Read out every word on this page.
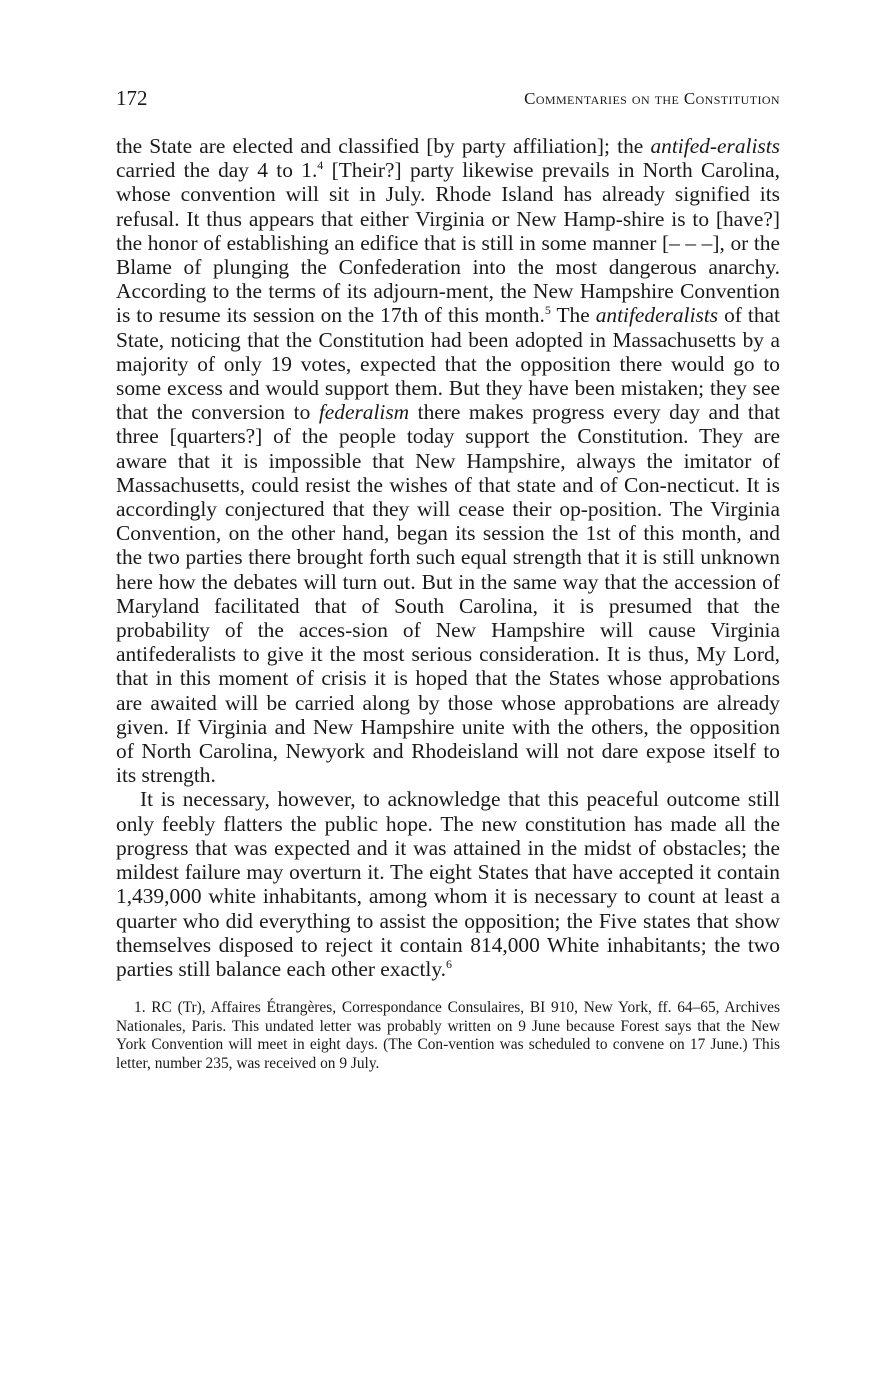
172	Commentaries on the Constitution

the State are elected and classified [by party affiliation]; the antifed-eralists carried the day 4 to 1.$^4$ [Their?] party likewise prevails in North Carolina, whose convention will sit in July. Rhode Island has already signified its refusal. It thus appears that either Virginia or New Hamp-shire is to [have?] the honor of establishing an edifice that is still in some manner [– – –], or the Blame of plunging the Confederation into the most dangerous anarchy. According to the terms of its adjourn-ment, the New Hampshire Convention is to resume its session on the 17th of this month.$^5$ The antifederalists of that State, noticing that the Constitution had been adopted in Massachusetts by a majority of only 19 votes, expected that the opposition there would go to some excess and would support them. But they have been mistaken; they see that the conversion to federalism there makes progress every day and that three [quarters?] of the people today support the Constitution. They are aware that it is impossible that New Hampshire, always the imitator of Massachusetts, could resist the wishes of that state and of Con-necticut. It is accordingly conjectured that they will cease their op-position. The Virginia Convention, on the other hand, began its session the 1st of this month, and the two parties there brought forth such equal strength that it is still unknown here how the debates will turn out. But in the same way that the accession of Maryland facilitated that of South Carolina, it is presumed that the probability of the acces-sion of New Hampshire will cause Virginia antifederalists to give it the most serious consideration. It is thus, My Lord, that in this moment of crisis it is hoped that the States whose approbations are awaited will be carried along by those whose approbations are already given. If Virginia and New Hampshire unite with the others, the opposition of North Carolina, Newyork and Rhodeisland will not dare expose itself to its strength.

It is necessary, however, to acknowledge that this peaceful outcome still only feebly flatters the public hope. The new constitution has made all the progress that was expected and it was attained in the midst of obstacles; the mildest failure may overturn it. The eight States that have accepted it contain 1,439,000 white inhabitants, among whom it is necessary to count at least a quarter who did everything to assist the opposition; the Five states that show themselves disposed to reject it contain 814,000 White inhabitants; the two parties still balance each other exactly.$^6$

1. RC (Tr), Affaires Étrangères, Correspondance Consulaires, BI 910, New York, ff. 64–65, Archives Nationales, Paris. This undated letter was probably written on 9 June because Forest says that the New York Convention will meet in eight days. (The Con-vention was scheduled to convene on 17 June.) This letter, number 235, was received on 9 July.
